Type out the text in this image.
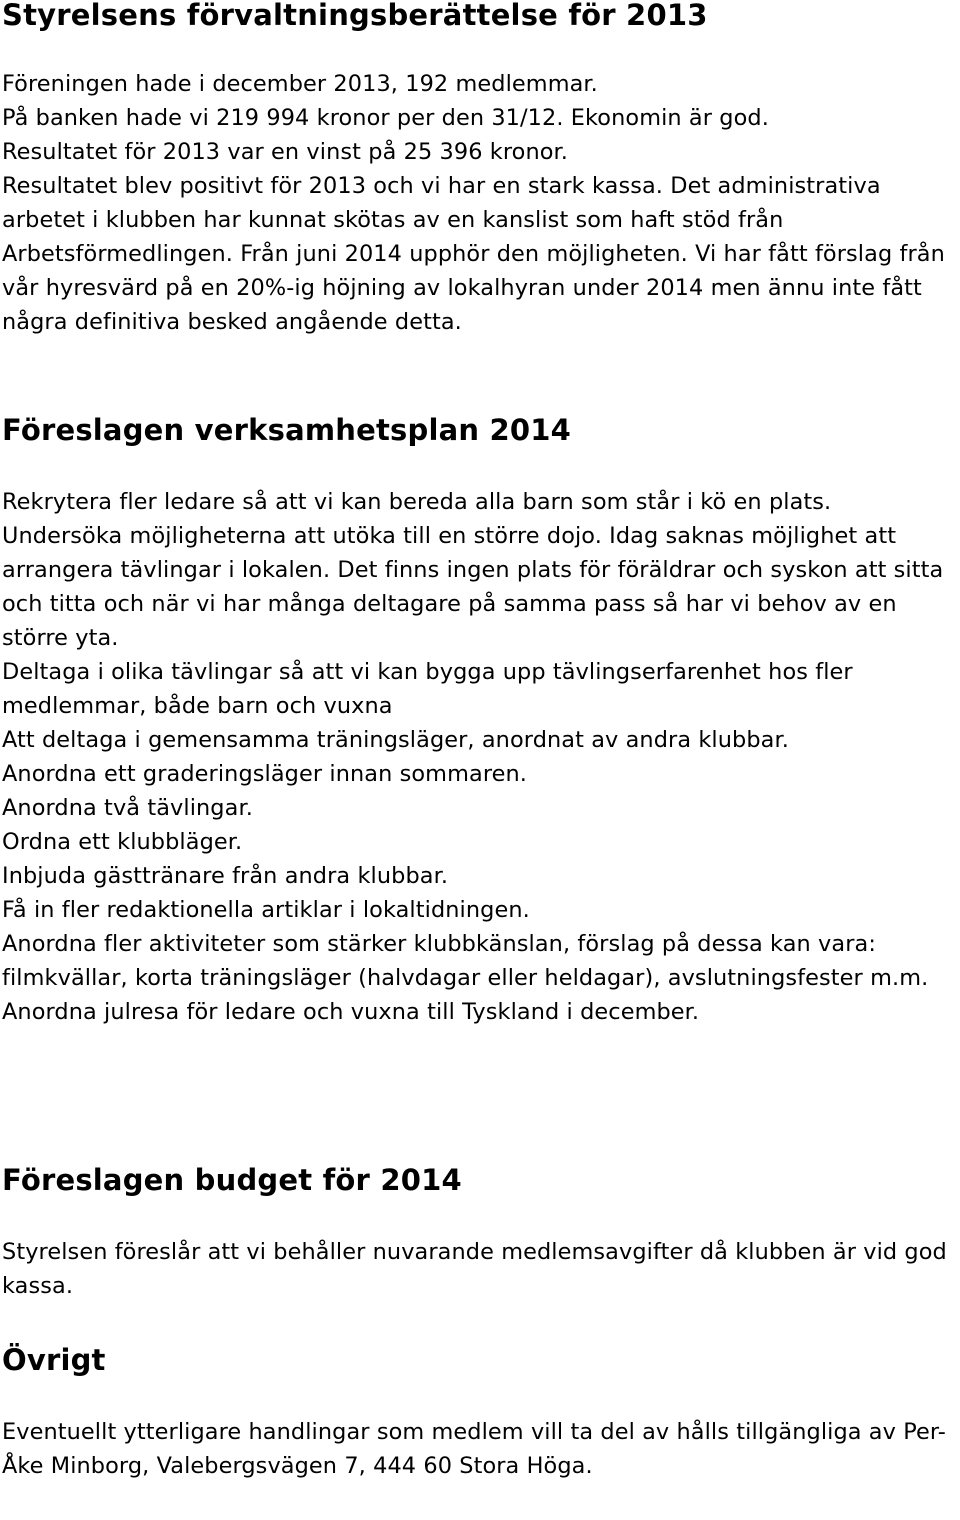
Styrelsens förvaltningsberättelse för 2013

Föreningen hade i december 2013, 192 medlemmar.

På banken hade vi 219 994 kronor per den 31/12. Ekonomin är god.

Resultatet för 2013 var en vinst på 25 396 kronor.

Resultatet blev positivt för 2013 och vi har en stark kassa. Det administrativa arbetet i klubben har kunnat skötas av en kanslist som haft stöd från Arbetsförmedlingen. Från juni 2014 upphör den möjligheten. Vi har fått förslag från vår hyresvärd på en 20%-ig höjning av lokalhyran under 2014 men ännu inte fått några definitiva besked angående detta.

Föreslagen verksamhetsplan 2014

Rekrytera fler ledare så att vi kan bereda alla barn som står i kö en plats.

Undersöka möjligheterna att utöka till en större dojo. Idag saknas möjlighet att arrangera tävlingar i lokalen. Det finns ingen plats för föräldrar och syskon att sitta och titta och när vi har många deltagare på samma pass så har vi behov av en större yta.

Deltaga i olika tävlingar så att vi kan bygga upp tävlingserfarenhet hos fler medlemmar, både barn och vuxna

Att deltaga i gemensamma träningsläger, anordnat av andra klubbar.

Anordna ett graderingsläger innan sommaren.

Anordna två tävlingar.

Ordna ett klubbläger.

Inbjuda gästtränare från andra klubbar.

Få in fler redaktionella artiklar i lokaltidningen.

Anordna fler aktiviteter som stärker klubbkänslan, förslag på dessa kan vara: filmkvällar, korta träningsläger (halvdagar eller heldagar), avslutningsfester m.m.

Anordna julresa för ledare och vuxna till Tyskland i december.

Föreslagen budget för 2014

Styrelsen föreslår att vi behåller nuvarande medlemsavgifter då klubben är vid god kassa.

Övrigt

Eventuellt ytterligare handlingar som medlem vill ta del av hålls tillgängliga av Per-Åke Minborg, Valebergsvägen 7, 444 60 Stora Höga.
